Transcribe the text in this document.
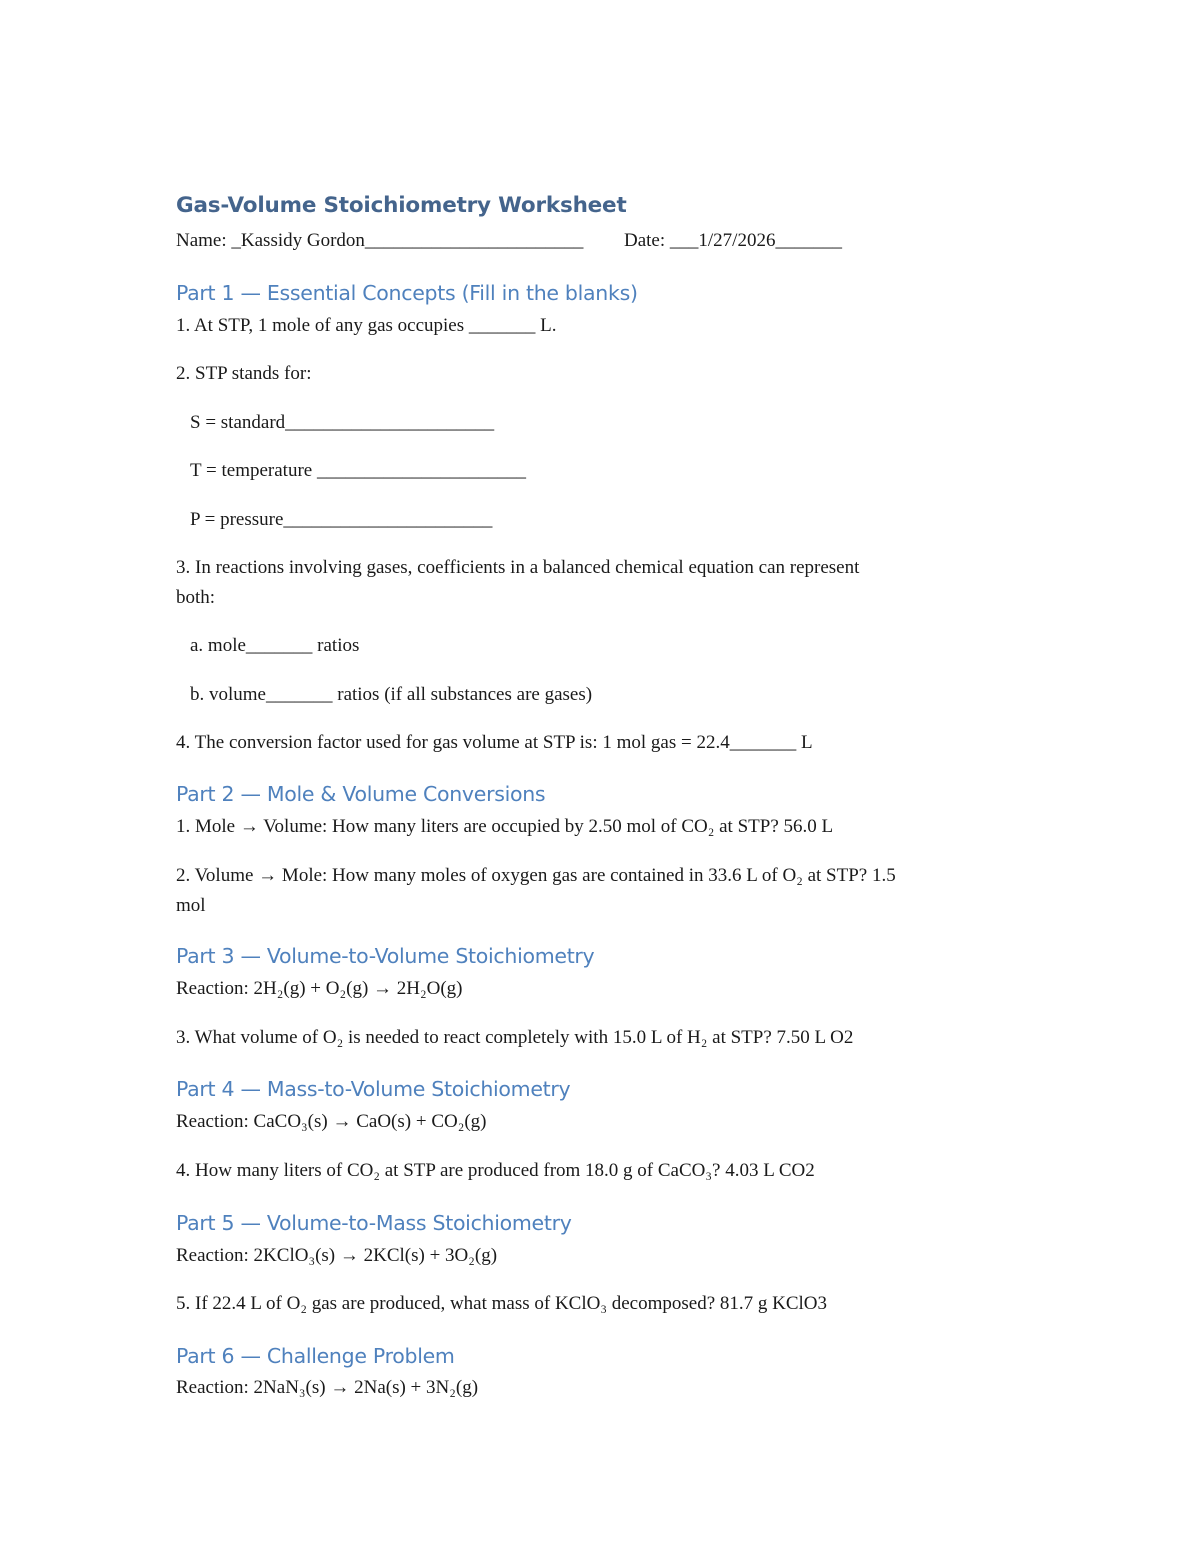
Gas-Volume Stoichiometry Worksheet
Name: _Kassidy Gordon_______________________ Date: ___1/27/2026_______
Part 1 — Essential Concepts (Fill in the blanks)
1. At STP, 1 mole of any gas occupies _______ L.
2. STP stands for:
S = standard______________________
T = temperature ______________________
P = pressure______________________
3. In reactions involving gases, coefficients in a balanced chemical equation can represent
both:
a. mole_______ ratios
b. volume_______ ratios (if all substances are gases)
4. The conversion factor used for gas volume at STP is: 1 mol gas = 22.4_______ L
Part 2 — Mole & Volume Conversions
1. Mole → Volume: How many liters are occupied by 2.50 mol of CO₂ at STP? 56.0 L
2. Volume → Mole: How many moles of oxygen gas are contained in 33.6 L of O₂ at STP? 1.5
mol
Part 3 — Volume-to-Volume Stoichiometry
Reaction: 2H₂(g) + O₂(g) → 2H₂O(g)
3. What volume of O₂ is needed to react completely with 15.0 L of H₂ at STP? 7.50 L O2
Part 4 — Mass-to-Volume Stoichiometry
Reaction: CaCO₃(s) → CaO(s) + CO₂(g)
4. How many liters of CO₂ at STP are produced from 18.0 g of CaCO₃? 4.03 L CO2
Part 5 — Volume-to-Mass Stoichiometry
Reaction: 2KClO₃(s) → 2KCl(s) + 3O₂(g)
5. If 22.4 L of O₂ gas are produced, what mass of KClO₃ decomposed? 81.7 g KClO3
Part 6 — Challenge Problem
Reaction: 2NaN₃(s) → 2Na(s) + 3N₂(g)
